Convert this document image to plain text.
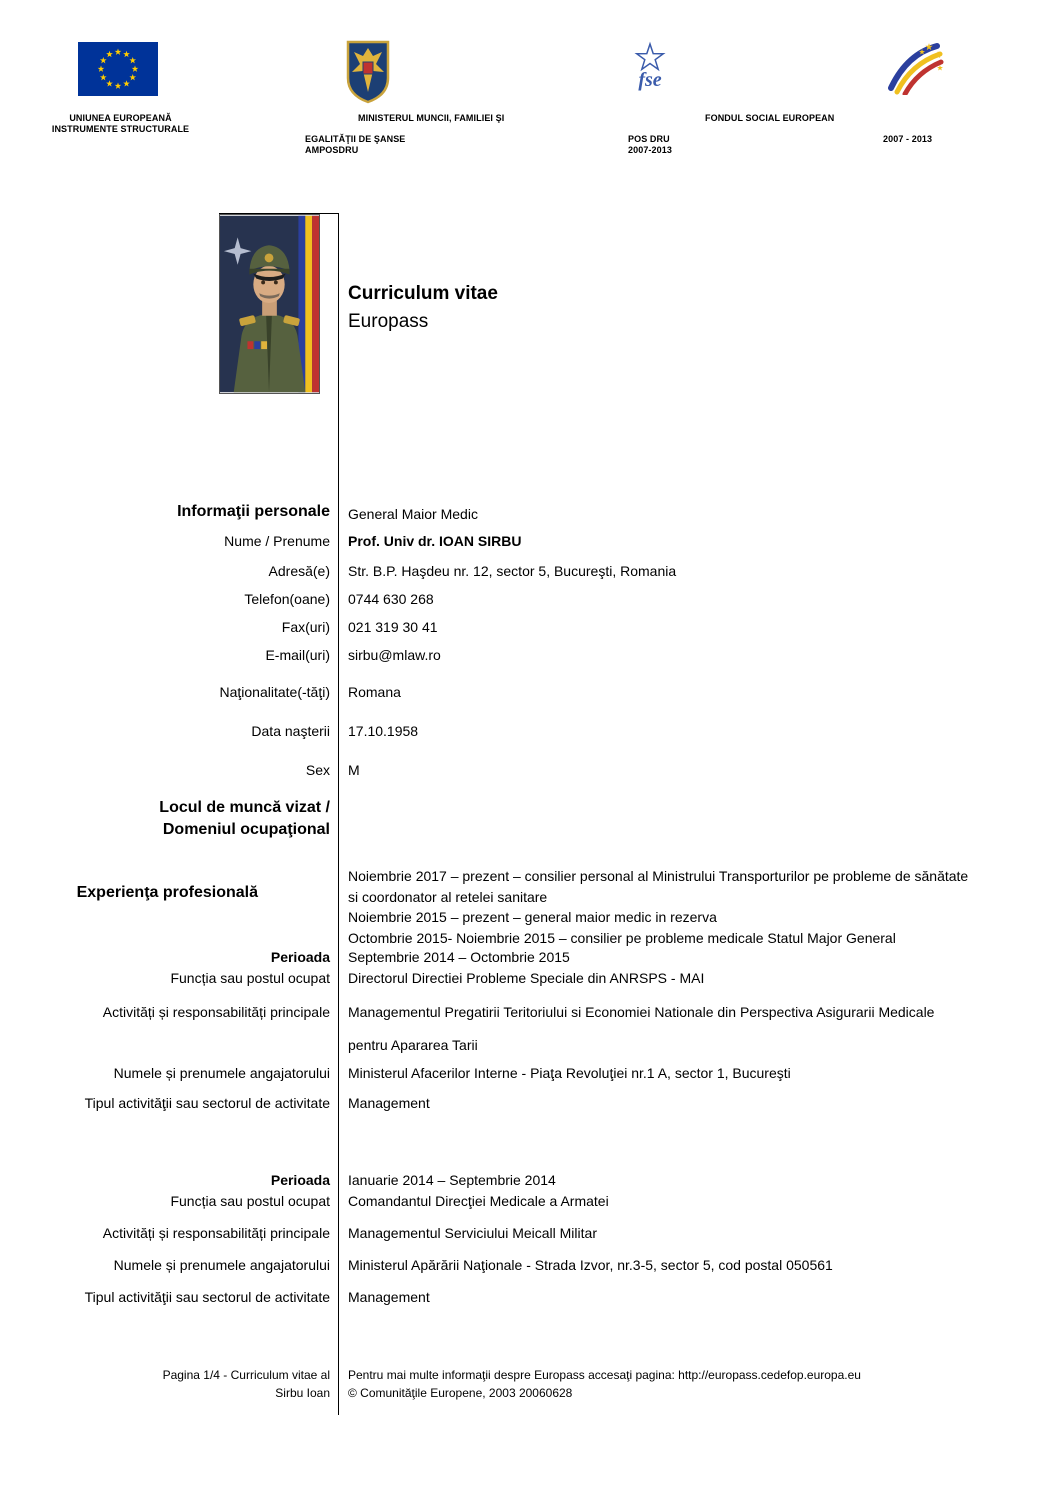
UNIUNEA EUROPEANĂ
INSTRUMENTE STRUCTURALE
MINISTERUL MUNCII, FAMILIEI ŞI
EGALITĂŢII DE ŞANSE
AMPOSDRU
fse
FONDUL SOCIAL EUROPEAN
POS DRU
2007-2013
2007 - 2013
Curriculum vitae
Europass
Informaţii personale General Maior Medic
Nume / Prenume Prof. Univ dr. IOAN SIRBU
Adresă(e) Str. B.P. Haşdeu nr. 12, sector 5, Bucureşti, Romania
Telefon(oane) 0744 630 268
Fax(uri) 021 319 30 41
E-mail(uri) sirbu@mlaw.ro
Naţionalitate(-tăţi) Romana
Data naşterii 17.10.1958
Sex M
Locul de muncă vizat /
Domeniul ocupaţional
Experienţa profesională
Noiembrie 2017 – prezent – consilier personal al Ministrului Transporturilor pe probleme de sănătate
si coordonator al retelei sanitare
Noiembrie 2015 – prezent – general maior medic in rezerva
Octombrie 2015- Noiembrie 2015 – consilier pe probleme medicale Statul Major General
Perioada Septembrie 2014 – Octombrie 2015
Funcția sau postul ocupat Directorul Directiei Probleme Speciale din ANRSPS - MAI
Activități și responsabilități principale Managementul Pregatirii Teritoriului si Economiei Nationale din Perspectiva Asigurarii Medicale
pentru Apararea Tarii
Numele și prenumele angajatorului Ministerul Afacerilor Interne - Piaţa Revoluţiei nr.1 A, sector 1, Bucureşti
Tipul activităţii sau sectorul de activitate Management
Perioada Ianuarie 2014 – Septembrie 2014
Funcția sau postul ocupat Comandantul Direcţiei Medicale a Armatei
Activități și responsabilități principale Managementul Serviciului Meicall Militar
Numele și prenumele angajatorului Ministerul Apărării Naţionale - Strada Izvor, nr.3-5, sector 5, cod postal 050561
Tipul activităţii sau sectorul de activitate Management
Pagina 1/4 - Curriculum vitae al
Sirbu Ioan
Pentru mai multe informaţii despre Europass accesaţi pagina: http://europass.cedefop.europa.eu
© Comunităţile Europene, 2003 20060628
